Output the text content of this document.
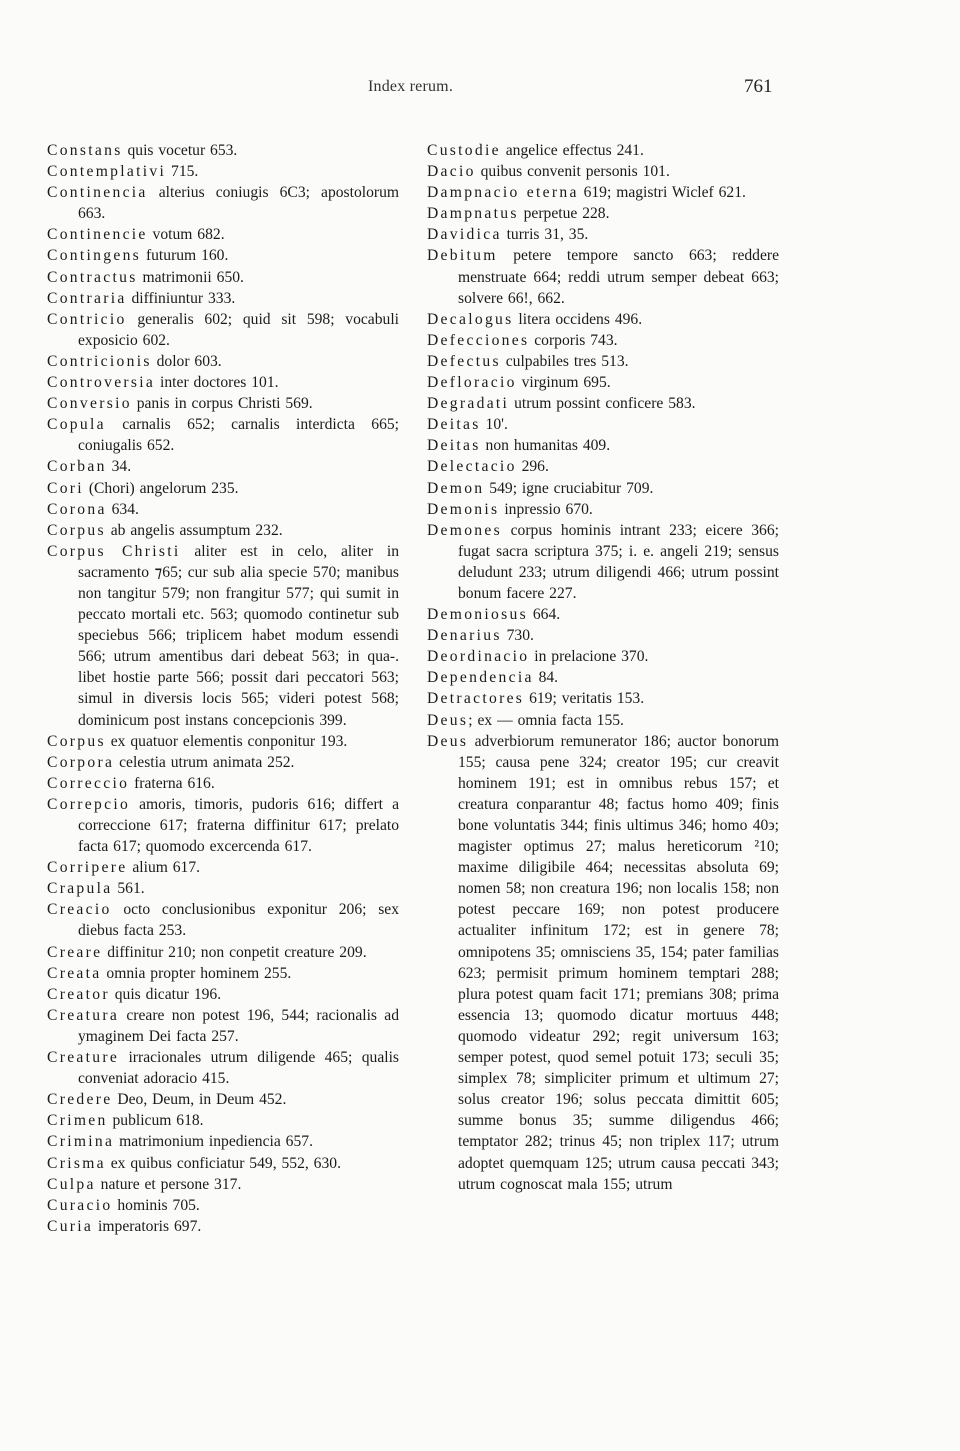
Index rerum.	761
Constans quis vocetur 653.
Contemplativi 715.
Continencia alterius coniugis 6C3; apostolorum 663.
Continencie votum 682.
Contingens futurum 160.
Contractus matrimonii 650.
Contraria diffiniuntur 333.
Contricio generalis 602; quid sit 598; vocabuli exposicio 602.
Contricionis dolor 603.
Controversia inter doctores 101.
Conversio panis in corpus Christi 569.
Copula carnalis 652; carnalis interdicta 665; coniugalis 652.
Corban 34.
Cori (Chori) angelorum 235.
Corona 634.
Corpus ab angelis assumptum 232.
Corpus Christi aliter est in celo, aliter in sacramento ⁊65; cur sub alia specie 570; manibus non tangitur 579; non frangitur 577; qui sumit in peccato mortali etc. 563; quomodo continetur sub speciebus 566; triplicem habet modum essendi 566; utrum amentibus dari debeat 563; in qua-. libet hostie parte 566; possit dari peccatori 563; simul in diversis locis 565; videri potest 568; dominicum post instans concepcionis 399.
Corpus ex quatuor elementis conponitur 193.
Corpora celestia utrum animata 252.
Correccio fraterna 616.
Correpcio amoris, timoris, pudoris 616; differt a correccione 617; fraterna diffinitur 617; prelato facta 617; quomodo excercenda 617.
Corripere alium 617.
Crapula 561.
Creacio octo conclusionibus exponitur 206; sex diebus facta 253.
Creare diffinitur 210; non conpetit creature 209.
Creata omnia propter hominem 255.
Creator quis dicatur 196.
Creatura creare non potest 196, 544; racionalis ad ymaginem Dei facta 257.
Creature irracionales utrum diligende 465; qualis conveniat adoracio 415.
Credere Deo, Deum, in Deum 452.
Crimen publicum 618.
Crimina matrimonium inpediencia 657.
Crisma ex quibus conficiatur 549, 552, 630.
Culpa nature et persone 317.
Curacio hominis 705.
Curia imperatoris 697.
Custodie angelice effectus 241.
Dacio quibus convenit personis 101.
Dampnacio eterna 619; magistri Wiclef 621.
Dampnatus perpetue 228.
Davidica turris 31, 35.
Debitum petere tempore sancto 663; reddere menstruate 664; reddi utrum semper debeat 663; solvere 66!, 662.
Decalogus litera occidens 496.
Defecciones corporis 743.
Defectus culpabiles tres 513.
Defloracio virginum 695.
Degradati utrum possint conficere 583.
Deitas 10'.
Deitas non humanitas 409.
Delectacio 296.
Demon 549; igne cruciabitur 709.
Demonis inpressio 670.
Demones corpus hominis intrant 233; eicere 366; fugat sacra scriptura 375; i. e. angeli 219; sensus deludunt 233; utrum diligendi 466; utrum possint bonum facere 227.
Demoniosus 664.
Denarius 730.
Deordinacio in prelacione 370.
Dependencia 84.
Detractores 619; veritatis 153.
Deus; ex — omnia facta 155.
Deus adverbiorum remunerator 186; auctor bonorum 155; causa pene 324; creator 195; cur creavit hominem 191; est in omnibus rebus 157; et creatura conparantur 48; factus homo 409; finis bone voluntatis 344; finis ultimus 346; homo 40϶; magister optimus 27; malus hereticorum ²10; maxime diligibile 464; necessitas absoluta 69; nomen 58; non creatura 196; non localis 158; non potest peccare 169; non potest producere actualiter infinitum 172; est in genere 78; omnipotens 35; omnisciens 35, 154; pater familias 623; permisit primum hominem temptari 288; plura potest quam facit 171; premians 308; prima essencia 13; quomodo dicatur mortuus 448; quomodo videatur 292; regit universum 163; semper potest, quod semel potuit 173; seculi 35; simplex 78; simpliciter primum et ultimum 27; solus creator 196; solus peccata dimittit 605; summe bonus 35; summe diligendus 466; temptator 282; trinus 45; non triplex 117; utrum adoptet quemquam 125; utrum causa peccati 343; utrum cognoscat mala 155; utrum
